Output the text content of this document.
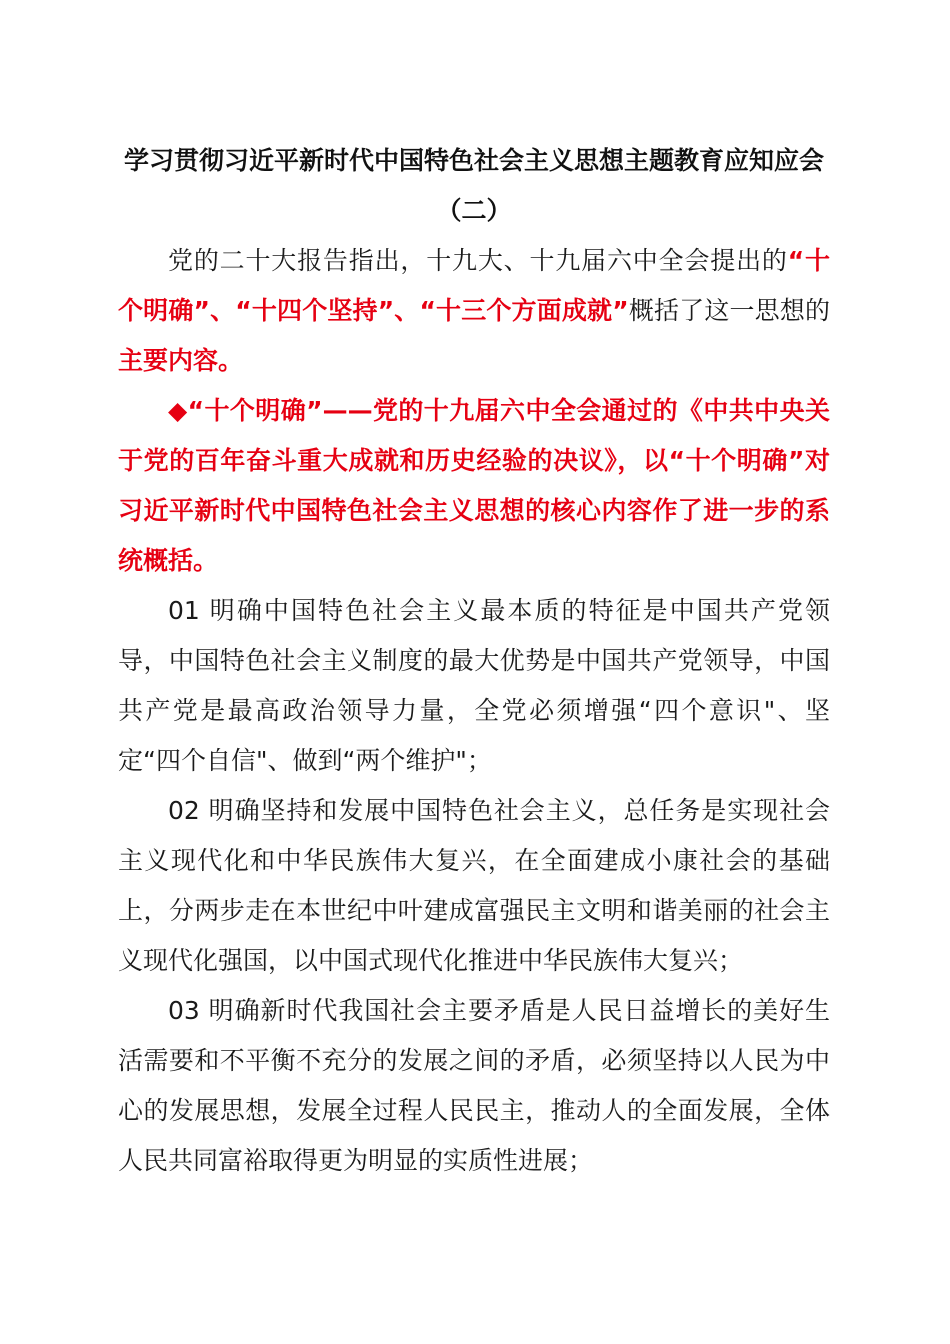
学习贯彻习近平新时代中国特色社会主义思想主题教育应知应会（二）

党的二十大报告指出，十九大、十九届六中全会提出的“十个明确”、“十四个坚持”、“十三个方面成就”概括了这一思想的主要内容。

◆“十个明确”——党的十九届六中全会通过的《中共中央关于党的百年奋斗重大成就和历史经验的决议》，以“十个明确”对习近平新时代中国特色社会主义思想的核心内容作了进一步的系统概括。

01 明确中国特色社会主义最本质的特征是中国共产党领导，中国特色社会主义制度的最大优势是中国共产党领导，中国共产党是最高政治领导力量，全党必须增强“四个意识"、坚定“四个自信"、做到“两个维护"；

02 明确坚持和发展中国特色社会主义，总任务是实现社会主义现代化和中华民族伟大复兴，在全面建成小康社会的基础上，分两步走在本世纪中叶建成富强民主文明和谐美丽的社会主义现代化强国，以中国式现代化推进中华民族伟大复兴；

03 明确新时代我国社会主要矛盾是人民日益增长的美好生活需要和不平衡不充分的发展之间的矛盾，必须坚持以人民为中心的发展思想，发展全过程人民民主，推动人的全面发展，全体人民共同富裕取得更为明显的实质性进展；
